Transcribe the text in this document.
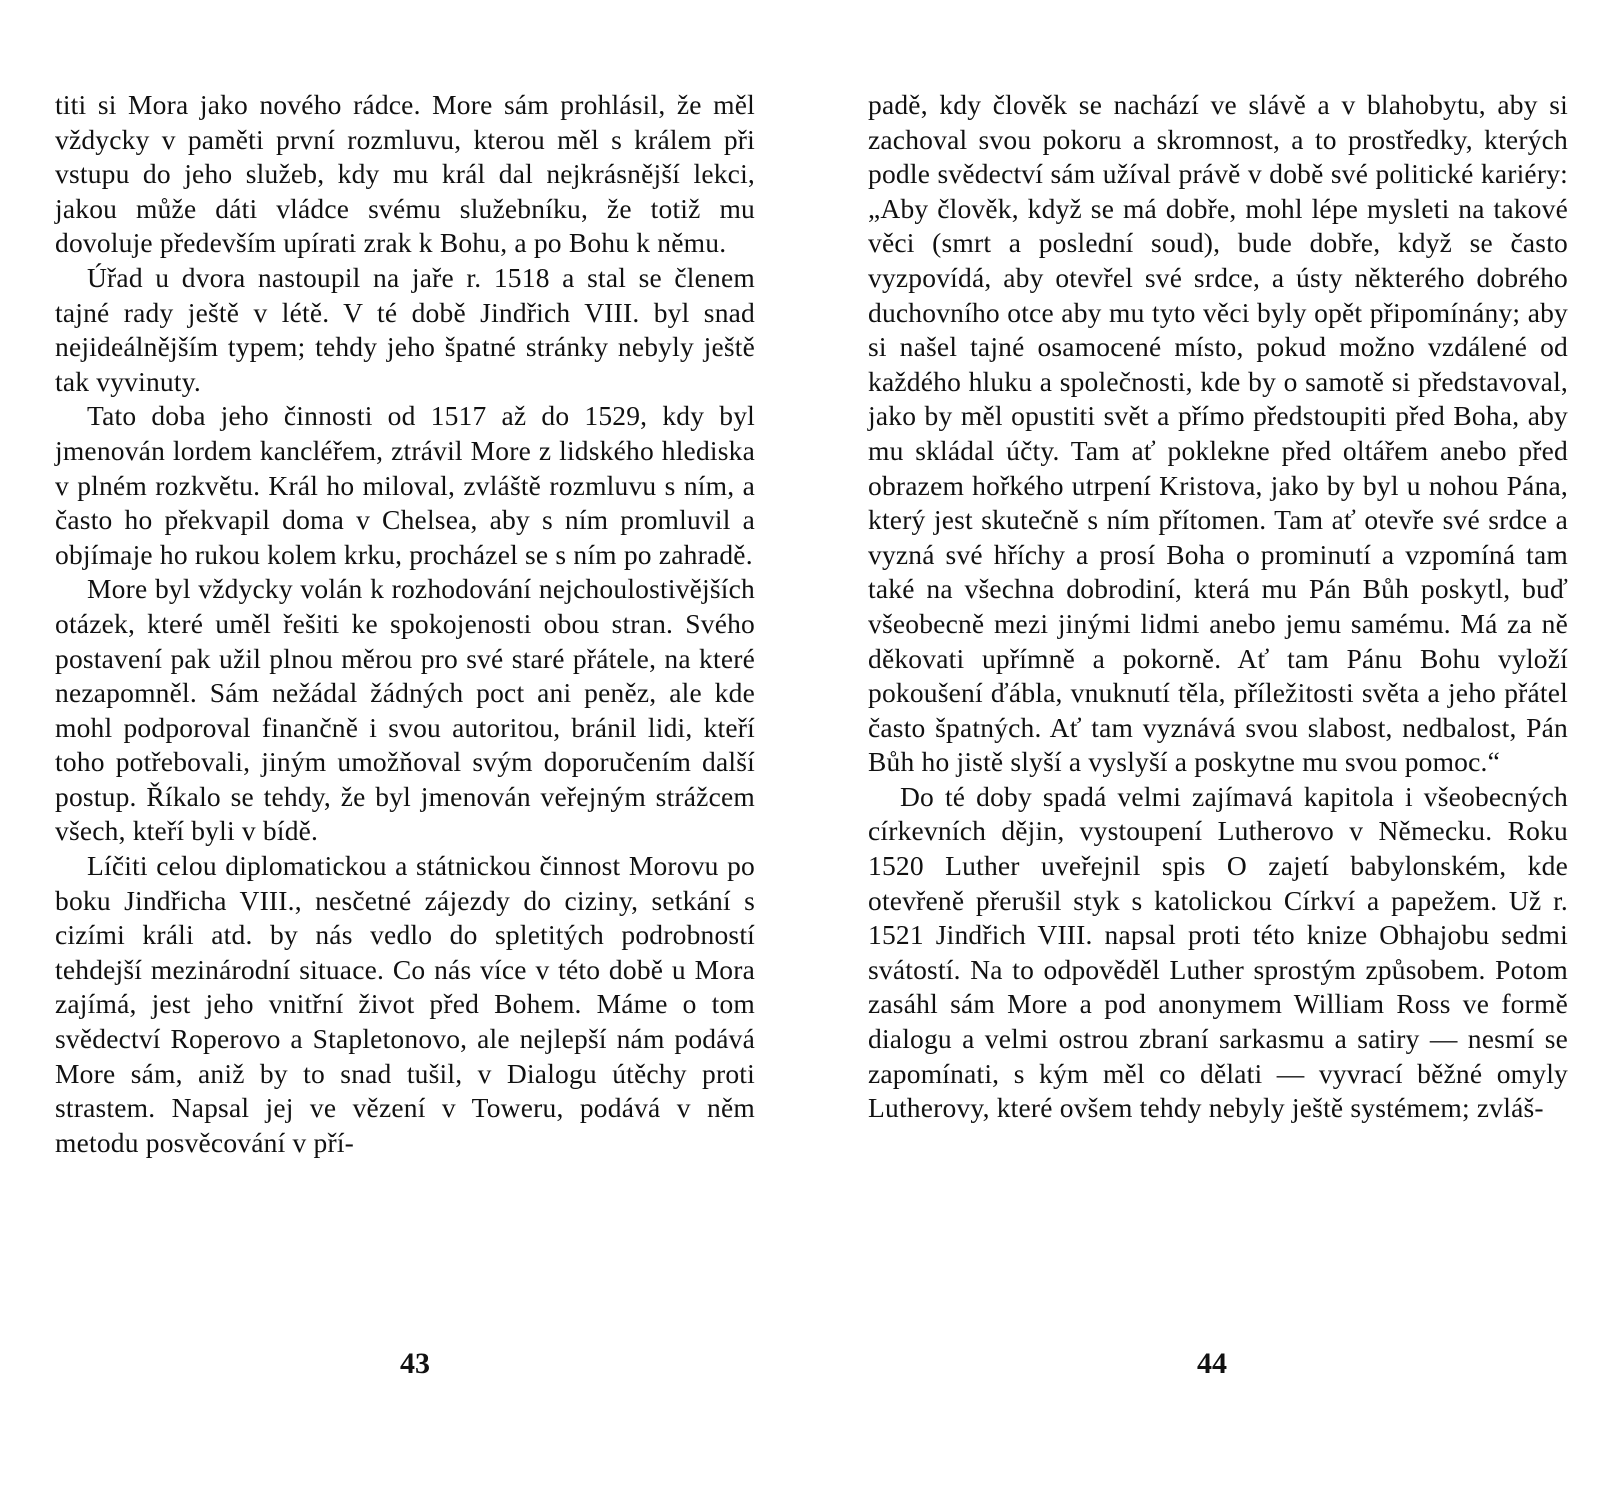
titi si Mora jako nového rádce. More sám prohlásil, že měl vždycky v paměti první rozmluvu, kterou měl s králem při vstupu do jeho služeb, kdy mu král dal nejkrásnější lekci, jakou může dáti vládce svému služebníku, že totiž mu dovoluje především upírati zrak k Bohu, a po Bohu k němu.

Úřad u dvora nastoupil na jaře r. 1518 a stal se členem tajné rady ještě v létě. V té době Jindřich VIII. byl snad nejideálnějším typem; tehdy jeho špatné stránky nebyly ještě tak vyvinuty.

Tato doba jeho činnosti od 1517 až do 1529, kdy byl jmenován lordem kancléřem, ztrávil More z lidského hlediska v plném rozkvětu. Král ho miloval, zvláště rozmluvu s ním, a často ho překvapil doma v Chelsea, aby s ním promluvil a objímaje ho rukou kolem krku, procházel se s ním po zahradě.

More byl vždycky volán k rozhodování nejchoulostivějších otázek, které uměl řešiti ke spokojenosti obou stran. Svého postavení pak užil plnou měrou pro své staré přátele, na které nezapomněl. Sám nežádal žádných poct ani peněz, ale kde mohl podporoval finančně i svou autoritou, bránil lidi, kteří toho potřebovali, jiným umožňoval svým doporučením další postup. Říkalo se tehdy, že byl jmenován veřejným strážcem všech, kteří byli v bídě.

Líčiti celou diplomatickou a státnickou činnost Morovu po boku Jindřicha VIII., nesčetné zájezdy do ciziny, setkání s cizími králi atd. by nás vedlo do spletitých podrobností tehdejší mezinárodní situace. Co nás více v této době u Mora zajímá, jest jeho vnitřní život před Bohem. Máme o tom svědectví Roperovo a Stapletonovo, ale nejlepší nám podává More sám, aniž by to snad tušil, v Dialogu útěchy proti strastem. Napsal jej ve vězení v Toweru, podává v něm metodu posvěcování v pří-

43

padě, kdy člověk se nachází ve slávě a v blahobytu, aby si zachoval svou pokoru a skromnost, a to prostředky, kterých podle svědectví sám užíval právě v době své politické kariéry: „Aby člověk, když se má dobře, mohl lépe mysleti na takové věci (smrt a poslední soud), bude dobře, když se často vyzpovídá, aby otevřel své srdce, a ústy některého dobrého duchovního otce aby mu tyto věci byly opět připomínány; aby si našel tajné osamocené místo, pokud možno vzdálené od každého hluku a společnosti, kde by o samotě si představoval, jako by měl opustiti svět a přímo předstoupiti před Boha, aby mu skládal účty. Tam ať poklekne před oltářem anebo před obrazem hořkého utrpení Kristova, jako by byl u nohou Pána, který jest skutečně s ním přítomen. Tam ať otevře své srdce a vyzná své hříchy a prosí Boha o prominutí a vzpomíná tam také na všechna dobrodiní, která mu Pán Bůh poskytl, buď všeobecně mezi jinými lidmi anebo jemu samému. Má za ně děkovati upřímně a pokorně. Ať tam Pánu Bohu vyloží pokoušení ďábla, vnuknutí těla, příležitosti světa a jeho přátel často špatných. Ať tam vyznává svou slabost, nedbalost, Pán Bůh ho jistě slyší a vyslyší a poskytne mu svou pomoc.“

Do té doby spadá velmi zajímavá kapitola i všeobecných církevních dějin, vystoupení Lutherovo v Německu. Roku 1520 Luther uveřejnil spis O zajetí babylonském, kde otevřeně přerušil styk s katolickou Církví a papežem. Už r. 1521 Jindřich VIII. napsal proti této knize Obhajobu sedmi svátostí. Na to odpověděl Luther sprostým způsobem. Potom zasáhl sám More a pod anonymem William Ross ve formě dialogu a velmi ostrou zbraní sarkasmu a satiry — nesmí se zapomínati, s kým měl co dělati — vyvrací běžné omyly Lutherovy, které ovšem tehdy nebyly ještě systémem; zvláš-

44
